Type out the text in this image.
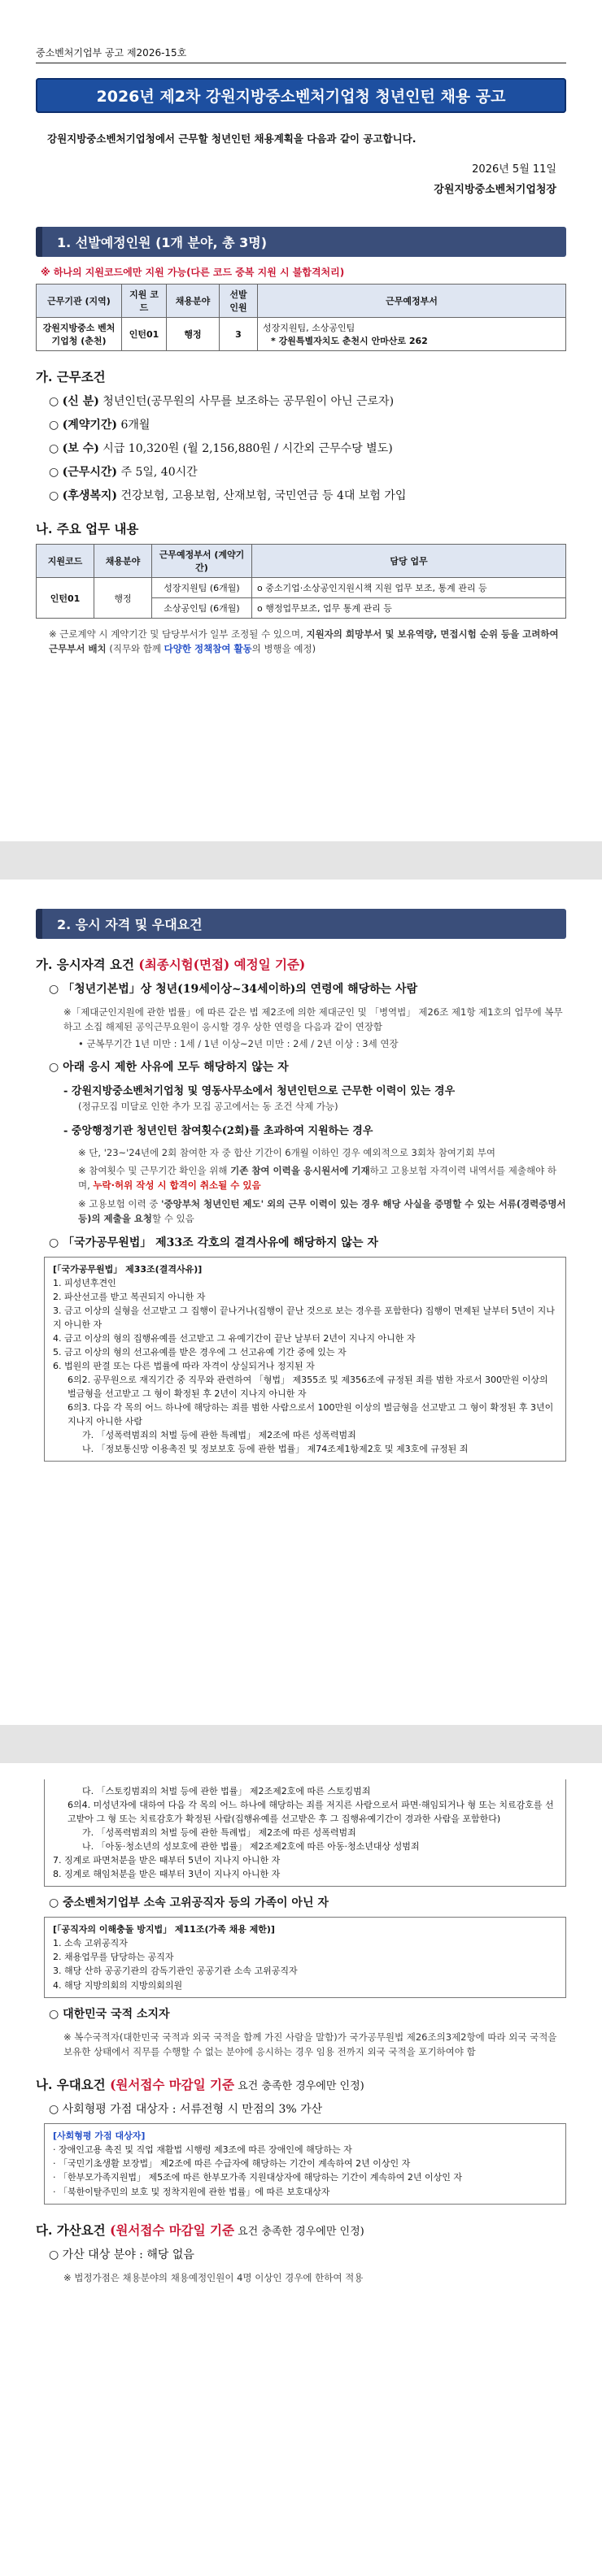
중소벤처기업부 공고 제2026-15호
2026년 제2차 강원지방중소벤처기업청 청년인턴 채용 공고
강원지방중소벤처기업청에서 근무할 청년인턴 채용계획을 다음과 같이 공고합니다.
2026년 5월 11일
강원지방중소벤처기업청장
1. 선발예정인원 (1개 분야, 총 3명)
※ 하나의 지원코드에만 지원 가능(다른 코드 중복 지원 시 불합격처리)
근무기관 (지역)	지원 코드	채용분야	선발 인원	근무예정부서
강원지방중소 벤처기업청 (춘천)	인턴01	행정	3	성장지원팀, 소상공인팀
* 강원특별자치도 춘천시 안마산로 262
가. 근무조건
○ (신 분) 청년인턴(공무원의 사무를 보조하는 공무원이 아닌 근로자)
○ (계약기간) 6개월
○ (보 수) 시급 10,320원 (월 2,156,880원 / 시간외 근무수당 별도)
○ (근무시간) 주 5일, 40시간
○ (후생복지) 건강보험, 고용보험, 산재보험, 국민연금 등 4대 보험 가입
나. 주요 업무 내용
지원코드	채용분야	근무예정부서 (계약기간)	담당 업무
인턴01	행정	성장지원팀 (6개월)	o 중소기업·소상공인지원시책 지원 업무 보조, 통계 관리 등
		소상공인팀 (6개월)	o 행정업무보조, 업무 통계 관리 등
※ 근로계약 시 계약기간 및 담당부서가 일부 조정될 수 있으며, 지원자의 희망부서 및 보유역량, 면접시험 순위 등을 고려하여 근무부서 배치 (직무와 함께 다양한 정책참여 활동의 병행을 예정)
2. 응시 자격 및 우대요건
가. 응시자격 요건 (최종시험(면접) 예정일 기준)
○ 「청년기본법」상 청년(19세이상~34세이하)의 연령에 해당하는 사람
※「제대군인지원에 관한 법률」에 따른 같은 법 제2조에 의한 제대군인 및 「병역법」 제26조 제1항 제1호의 업무에 복무하고 소집 해제된 공익근무요원이 응시할 경우 상한 연령을 다음과 같이 연장함
• 군복무기간 1년 미만 : 1세 / 1년 이상~2년 미만 : 2세 / 2년 이상 : 3세 연장
○ 아래 응시 제한 사유에 모두 해당하지 않는 자
- 강원지방중소벤처기업청 및 영동사무소에서 청년인턴으로 근무한 이력이 있는 경우
(정규모집 미달로 인한 추가 모집 공고에서는 동 조건 삭제 가능)
- 중앙행정기관 청년인턴 참여횟수(2회)를 초과하여 지원하는 경우
※ 단, '23~'24년에 2회 참여한 자 중 합산 기간이 6개월 이하인 경우 예외적으로 3회차 참여기회 부여
※ 참여횟수 및 근무기간 확인을 위해 기존 참여 이력을 응시원서에 기재하고 고용보험 자격이력 내역서를 제출해야 하며, 누락·허위 작성 시 합격이 취소될 수 있음
※ 고용보험 이력 중 '중앙부처 청년인턴 제도' 외의 근무 이력이 있는 경우 해당 사실을 증명할 수 있는 서류(경력증명서 등)의 제출을 요청할 수 있음
○ 「국가공무원법」 제33조 각호의 결격사유에 해당하지 않는 자
[「국가공무원법」 제33조(결격사유)]
1. 피성년후견인
2. 파산선고를 받고 복권되지 아니한 자
3. 금고 이상의 실형을 선고받고 그 집행이 끝나거나(집행이 끝난 것으로 보는 경우를 포함한다) 집행이 면제된 날부터 5년이 지나지 아니한 자
4. 금고 이상의 형의 집행유예를 선고받고 그 유예기간이 끝난 날부터 2년이 지나지 아니한 자
5. 금고 이상의 형의 선고유예를 받은 경우에 그 선고유예 기간 중에 있는 자
6. 법원의 판결 또는 다른 법률에 따라 자격이 상실되거나 정지된 자
6의2. 공무원으로 재직기간 중 직무와 관련하여 「형법」 제355조 및 제356조에 규정된 죄를 범한 자로서 300만원 이상의 벌금형을 선고받고 그 형이 확정된 후 2년이 지나지 아니한 자
6의3. 다음 각 목의 어느 하나에 해당하는 죄를 범한 사람으로서 100만원 이상의 벌금형을 선고받고 그 형이 확정된 후 3년이 지나지 아니한 사람
가. 「성폭력범죄의 처벌 등에 관한 특례법」 제2조에 따른 성폭력범죄
나. 「정보통신망 이용촉진 및 정보보호 등에 관한 법률」 제74조제1항제2호 및 제3호에 규정된 죄
다. 「스토킹범죄의 처벌 등에 관한 법률」 제2조제2호에 따른 스토킹범죄
6의4. 미성년자에 대하여 다음 각 목의 어느 하나에 해당하는 죄를 저지른 사람으로서 파면·해임되거나 형 또는 치료감호를 선고받아 그 형 또는 치료감호가 확정된 사람(집행유예를 선고받은 후 그 집행유예기간이 경과한 사람을 포함한다)
가. 「성폭력범죄의 처벌 등에 관한 특례법」 제2조에 따른 성폭력범죄
나. 「아동·청소년의 성보호에 관한 법률」 제2조제2호에 따른 아동·청소년대상 성범죄
7. 징계로 파면처분을 받은 때부터 5년이 지나지 아니한 자
8. 징계로 해임처분을 받은 때부터 3년이 지나지 아니한 자
○ 중소벤처기업부 소속 고위공직자 등의 가족이 아닌 자
[「공직자의 이해충돌 방지법」 제11조(가족 채용 제한)]
1. 소속 고위공직자
2. 채용업무를 담당하는 공직자
3. 해당 산하 공공기관의 감독기관인 공공기관 소속 고위공직자
4. 해당 지방의회의 지방의회의원
○ 대한민국 국적 소지자
※ 복수국적자(대한민국 국적과 외국 국적을 함께 가진 사람을 말함)가 국가공무원법 제26조의3제2항에 따라 외국 국적을 보유한 상태에서 직무를 수행할 수 없는 분야에 응시하는 경우 임용 전까지 외국 국적을 포기하여야 함
나. 우대요건 (원서접수 마감일 기준 요건 충족한 경우에만 인정)
○ 사회형평 가점 대상자 : 서류전형 시 만점의 3% 가산
[사회형평 가점 대상자]
· 장애인고용 촉진 및 직업 재활법 시행령 제3조에 따른 장애인에 해당하는 자
· 「국민기초생활 보장법」 제2조에 따른 수급자에 해당하는 기간이 계속하여 2년 이상인 자
· 「한부모가족지원법」 제5조에 따른 한부모가족 지원대상자에 해당하는 기간이 계속하여 2년 이상인 자
· 「북한이탈주민의 보호 및 정착지원에 관한 법률」에 따른 보호대상자
다. 가산요건 (원서접수 마감일 기준 요건 충족한 경우에만 인정)
○ 가산 대상 분야 : 해당 없음
※ 법정가점은 채용분야의 채용예정인원이 4명 이상인 경우에 한하여 적용
